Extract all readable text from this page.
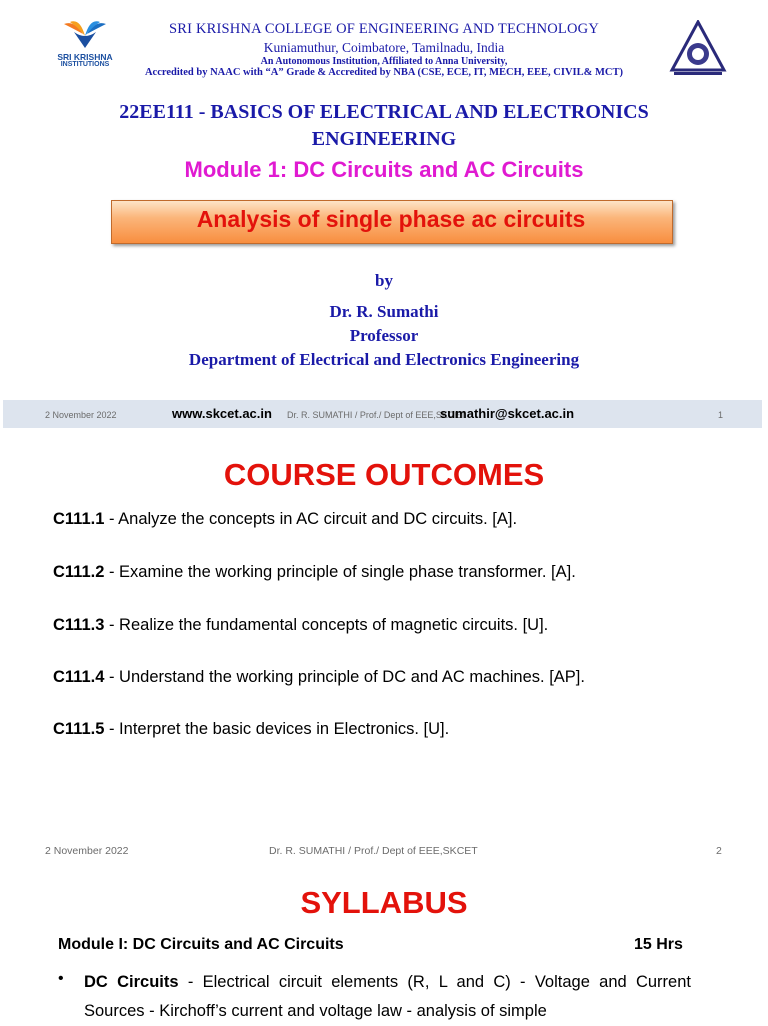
SRI KRISHNA
INSTITUTIONS
SRI KRISHNA COLLEGE OF ENGINEERING AND TECHNOLOGY
Kuniamuthur, Coimbatore, Tamilnadu, India
An Autonomous Institution, Affiliated to Anna University,
Accredited by NAAC with “A” Grade & Accredited by NBA (CSE, ECE, IT, MECH, EEE, CIVIL& MCT)
22EE111 - BASICS OF ELECTRICAL AND ELECTRONICS ENGINEERING
Module 1: DC Circuits and AC Circuits
Analysis of single phase ac circuits
by
Dr. R. Sumathi
Professor
Department of Electrical and Electronics Engineering
2 November 2022	Dr. R. SUMATHI / Prof./ Dept of EEE,SKCET
www.skcet.ac.in	sumathir@skcet.ac.in	1
COURSE OUTCOMES
C111.1 - Analyze the concepts in AC circuit and DC circuits. [A].
C111.2 - Examine the working principle of single phase transformer. [A].
C111.3 - Realize the fundamental concepts of magnetic circuits. [U].
C111.4 - Understand the working principle of DC and AC machines. [AP].
C111.5 - Interpret the basic devices in Electronics. [U].
2 November 2022	Dr. R. SUMATHI / Prof./ Dept of EEE,SKCET	2
SYLLABUS
Module I: DC Circuits and AC Circuits	15 Hrs
• DC Circuits - Electrical circuit elements (R, L and C) - Voltage and Current Sources - Kirchoff’s current and voltage law - analysis of simple
